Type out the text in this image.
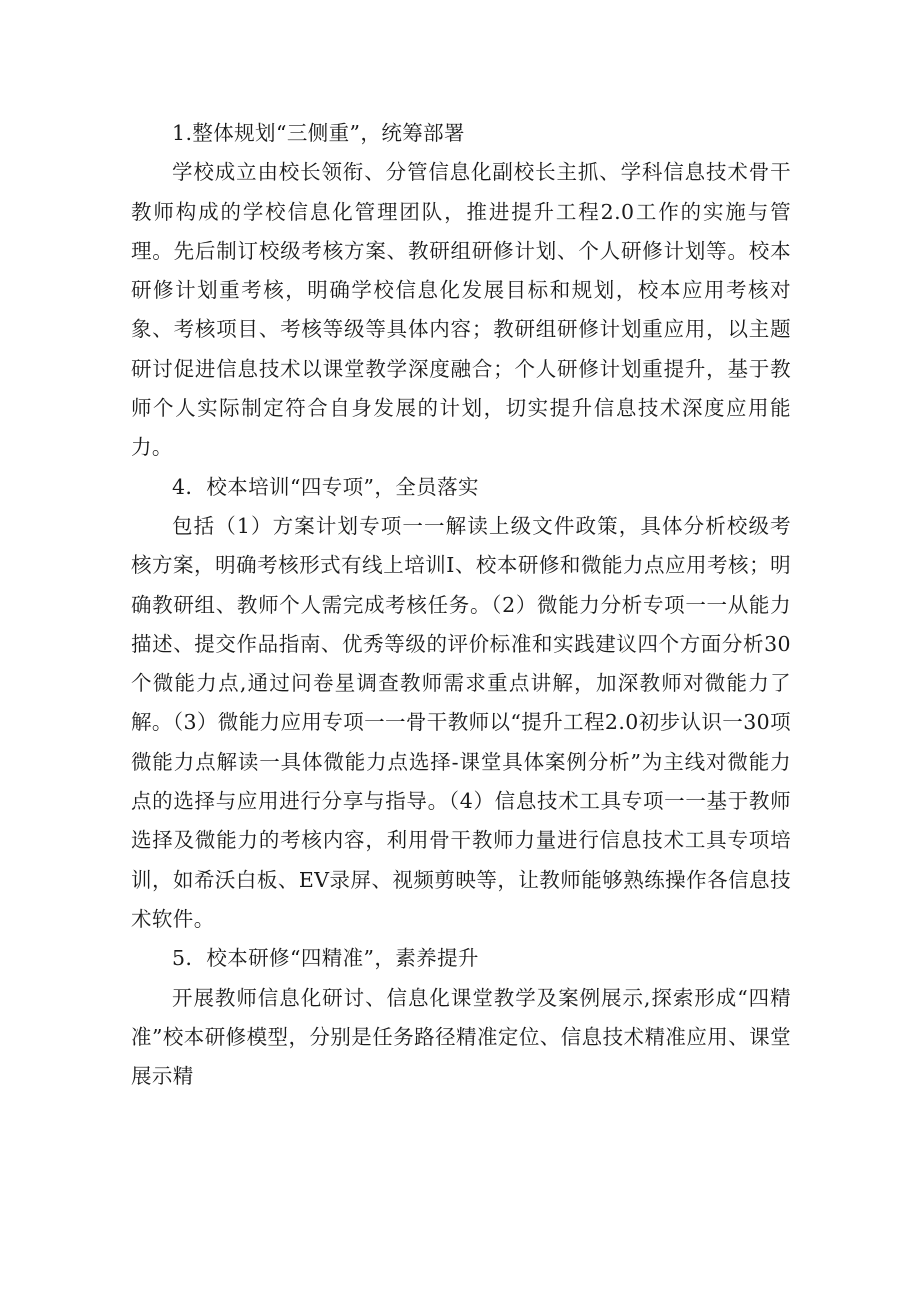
1.整体规划“三侧重”，统筹部署

学校成立由校长领衔、分管信息化副校长主抓、学科信息技术骨干教师构成的学校信息化管理团队，推进提升工程2.0工作的实施与管理。先后制订校级考核方案、教研组研修计划、个人研修计划等。校本研修计划重考核，明确学校信息化发展目标和规划，校本应用考核对象、考核项目、考核等级等具体内容；教研组研修计划重应用，以主题研讨促进信息技术以课堂教学深度融合；个人研修计划重提升，基于教师个人实际制定符合自身发展的计划，切实提升信息技术深度应用能力。

4．校本培训“四专项”，全员落实

包括（1）方案计划专项一一解读上级文件政策，具体分析校级考核方案，明确考核形式有线上培训I、校本研修和微能力点应用考核；明确教研组、教师个人需完成考核任务。（2）微能力分析专项一一从能力描述、提交作品指南、优秀等级的评价标准和实践建议四个方面分析30个微能力点,通过问卷星调查教师需求重点讲解，加深教师对微能力了解。（3）微能力应用专项一一骨干教师以“提升工程2.0初步认识一30项微能力点解读一具体微能力点选择-课堂具体案例分析”为主线对微能力点的选择与应用进行分享与指导。（4）信息技术工具专项一一基于教师选择及微能力的考核内容，利用骨干教师力量进行信息技术工具专项培训，如希沃白板、EV录屏、视频剪映等，让教师能够熟练操作各信息技术软件。

5．校本研修“四精准”，素养提升

开展教师信息化研讨、信息化课堂教学及案例展示,探索形成“四精准”校本研修模型，分别是任务路径精准定位、信息技术精准应用、课堂展示精
